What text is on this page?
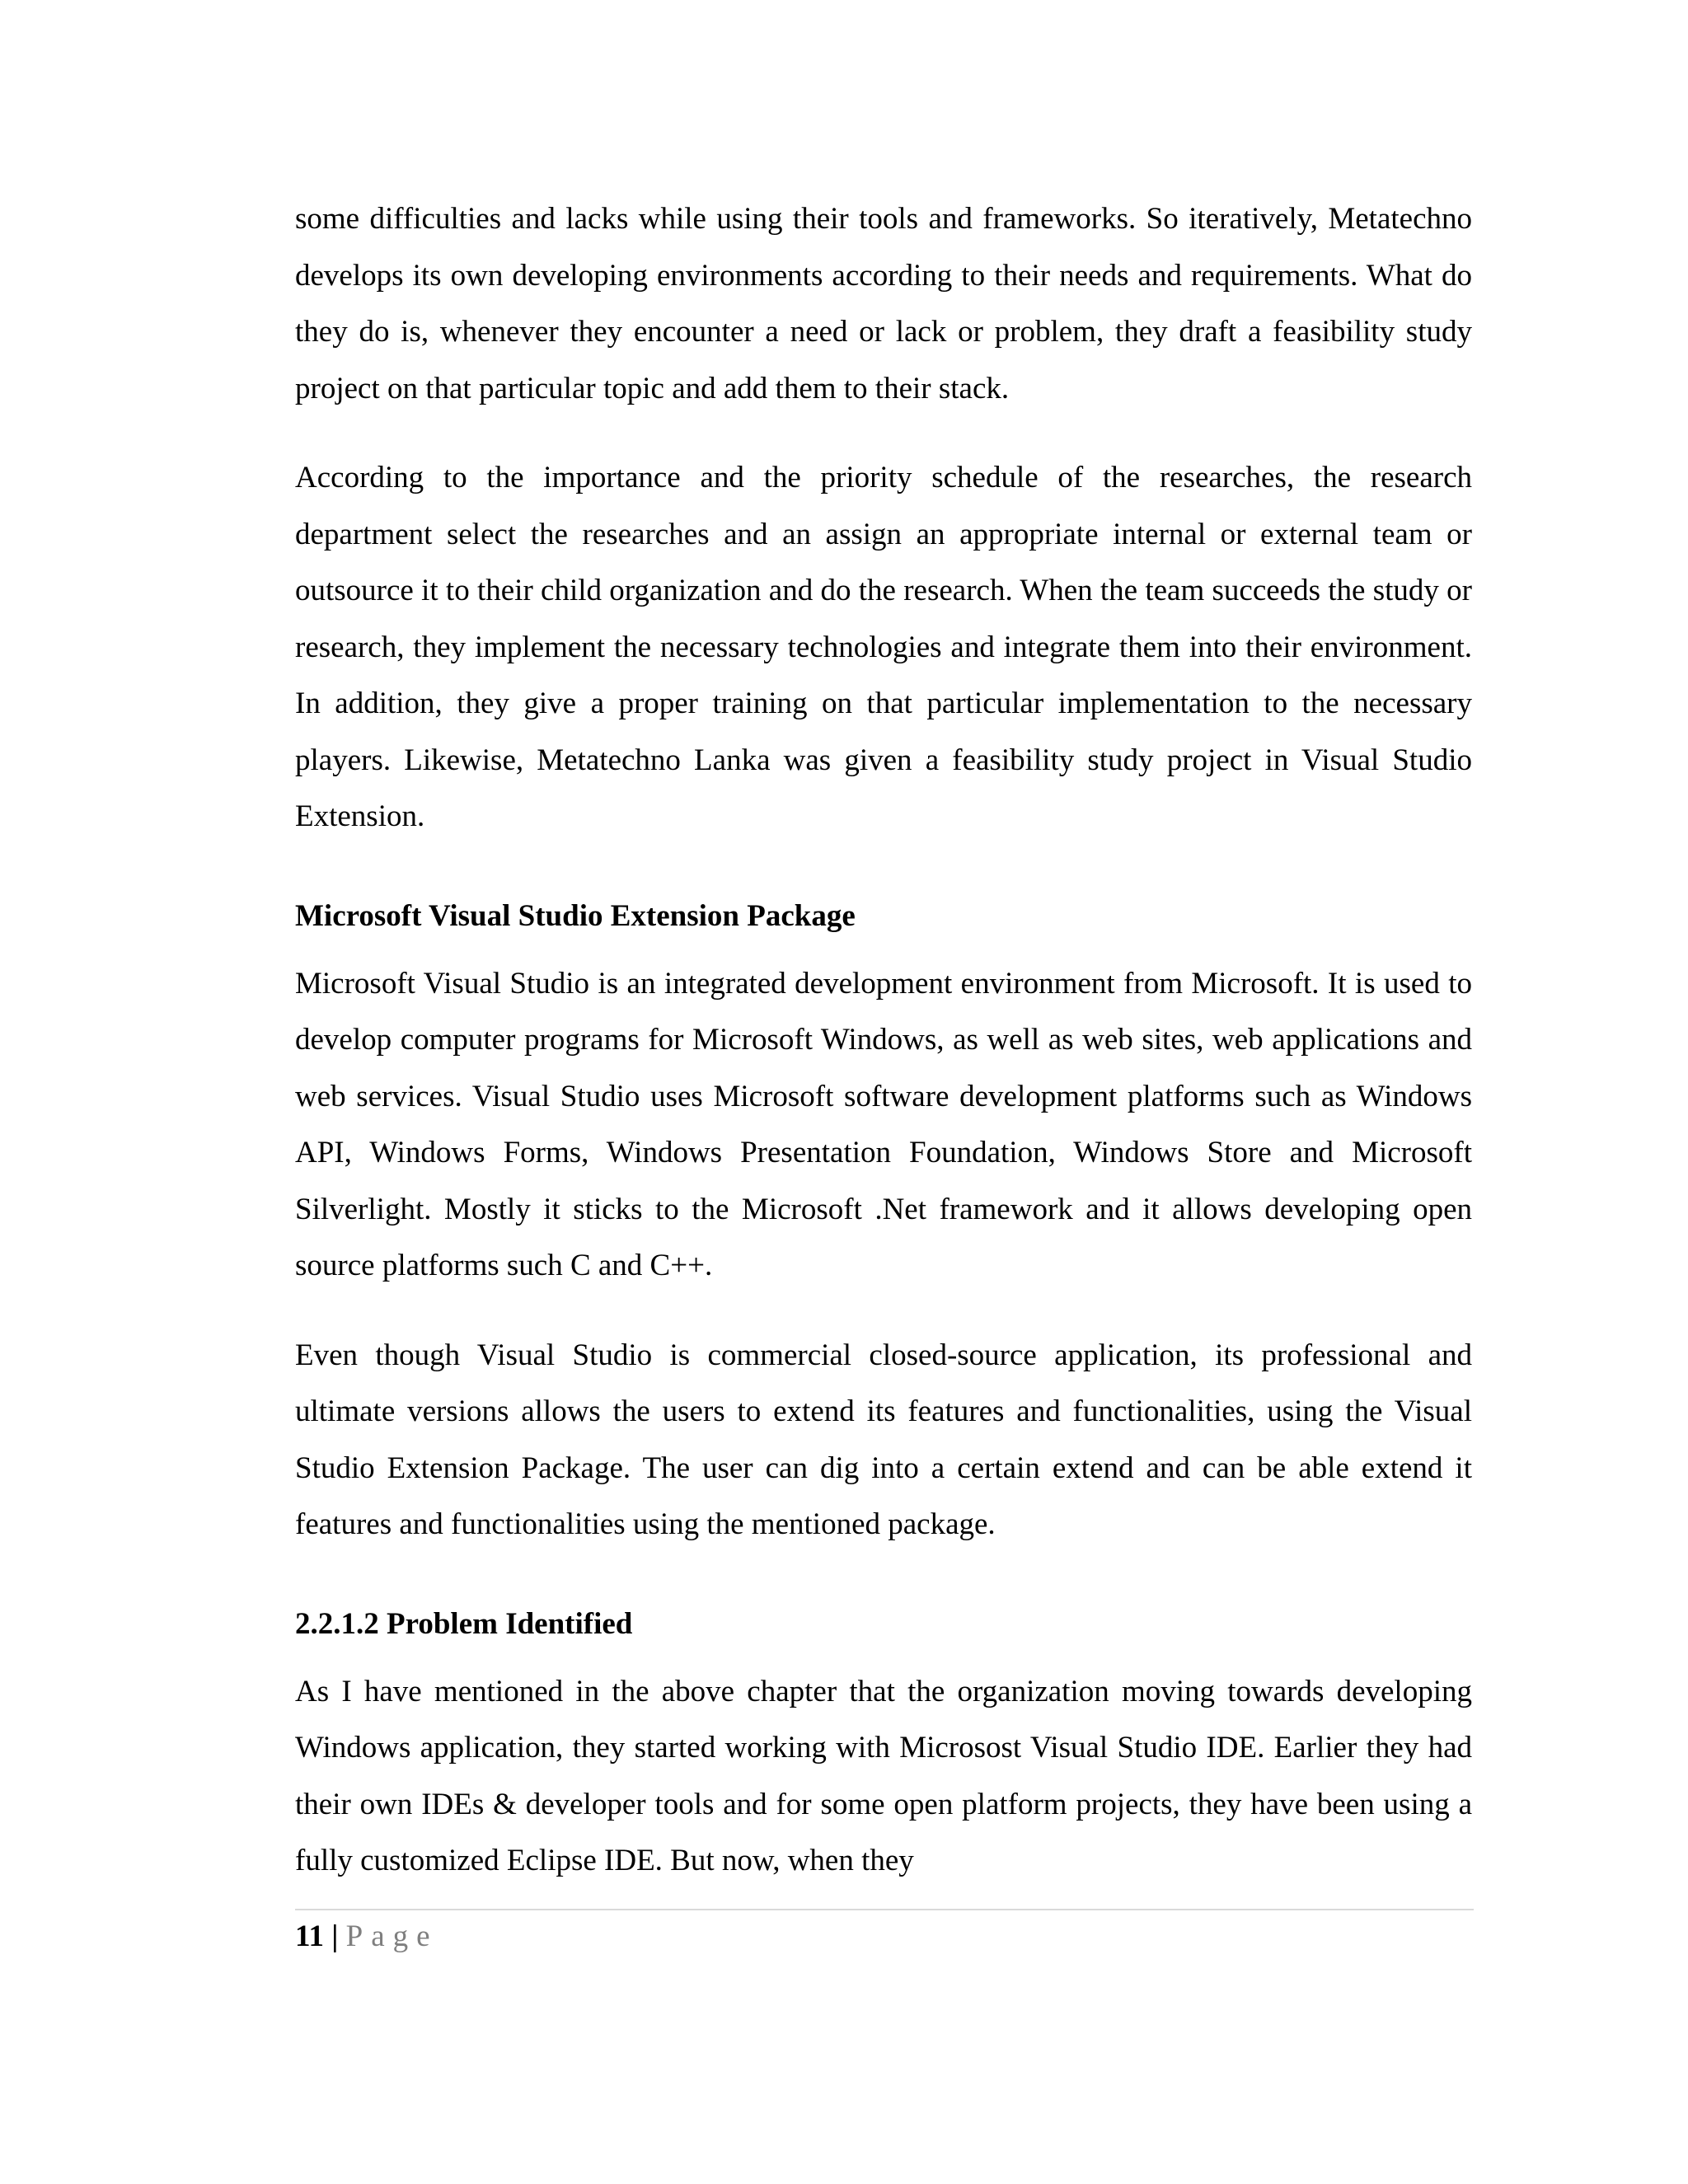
some difficulties and lacks while using their tools and frameworks. So iteratively, Metatechno develops its own developing environments according to their needs and requirements. What do they do is, whenever they encounter a need or lack or problem, they draft a feasibility study project on that particular topic and add them to their stack.

According to the importance and the priority schedule of the researches, the research department select the researches and an assign an appropriate internal or external team or outsource it to their child organization and do the research. When the team succeeds the study or research, they implement the necessary technologies and integrate them into their environment. In addition, they give a proper training on that particular implementation to the necessary players. Likewise, Metatechno Lanka was given a feasibility study project in Visual Studio Extension.

Microsoft Visual Studio Extension Package

Microsoft Visual Studio is an integrated development environment from Microsoft. It is used to develop computer programs for Microsoft Windows, as well as web sites, web applications and web services. Visual Studio uses Microsoft software development platforms such as Windows API, Windows Forms, Windows Presentation Foundation, Windows Store and Microsoft Silverlight. Mostly it sticks to the Microsoft .Net framework and it allows developing open source platforms such C and C++.

Even though Visual Studio is commercial closed-source application, its professional and ultimate versions allows the users to extend its features and functionalities, using the Visual Studio Extension Package. The user can dig into a certain extend and can be able extend it features and functionalities using the mentioned package.

2.2.1.2 Problem Identified

As I have mentioned in the above chapter that the organization moving towards developing Windows application, they started working with Microsost Visual Studio IDE. Earlier they had their own IDEs & developer tools and for some open platform projects, they have been using a fully customized Eclipse IDE. But now, when they

11 | Page
